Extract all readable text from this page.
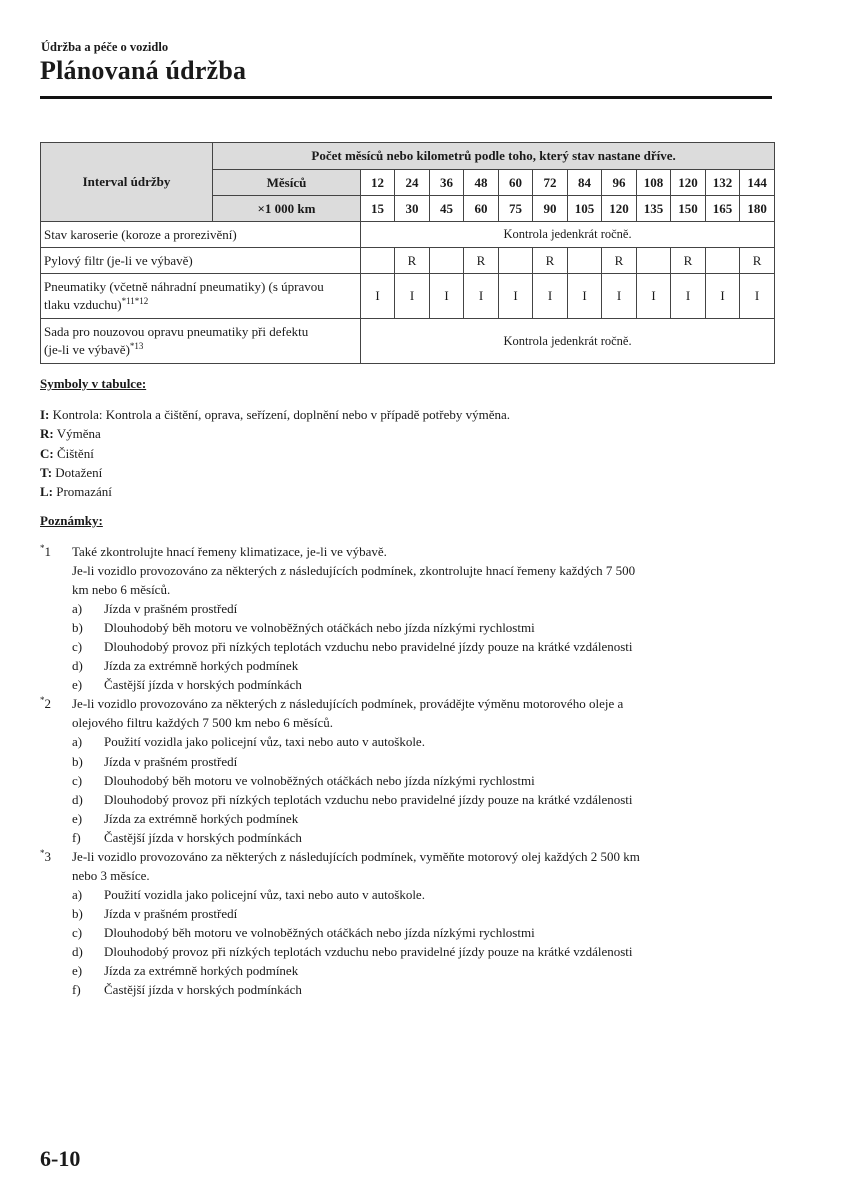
Údržba a péče o vozidlo
Plánovaná údržba
Interval údržby	Počet měsíců nebo kilometrů podle toho, který stav nastane dříve.												
	Měsíců	12	24	36	48	60	72	84	96	108	120	132	144
	×1 000 km	15	30	45	60	75	90	105	120	135	150	165	180
Stav karoserie (koroze a prorezivění)		Kontrola jedenkrát ročně.											
Pylový filtr (je-li ve výbavě)			R		R		R		R		R		R
Pneumatiky (včetně náhradní pneumatiky) (s úpravou
tlaku vzduchu)$^{*11*12}$		I	I	I	I	I	I	I	I	I	I	I	I
Sada pro nouzovou opravu pneumatiky při defektu
(je-li ve výbavě)$^{*13}$		Kontrola jedenkrát ročně.											
Symboly v tabulce:
I: Kontrola: Kontrola a čištění, oprava, seřízení, doplnění nebo v případě potřeby výměna.
R: Výměna
C: Čištění
T: Dotažení
L: Promazání
Poznámky:
*1 Také zkontrolujte hnací řemeny klimatizace, je-li ve výbavě.
Je-li vozidlo provozováno za některých z následujících podmínek, zkontrolujte hnací řemeny každých 7 500
km nebo 6 měsíců.
a) Jízda v prašném prostředí
b) Dlouhodobý běh motoru ve volnoběžných otáčkách nebo jízda nízkými rychlostmi
c) Dlouhodobý provoz při nízkých teplotách vzduchu nebo pravidelné jízdy pouze na krátké vzdálenosti
d) Jízda za extrémně horkých podmínek
e) Častější jízda v horských podmínkách
*2 Je-li vozidlo provozováno za některých z následujících podmínek, provádějte výměnu motorového oleje a
olejového filtru každých 7 500 km nebo 6 měsíců.
a) Použití vozidla jako policejní vůz, taxi nebo auto v autoškole.
b) Jízda v prašném prostředí
c) Dlouhodobý běh motoru ve volnoběžných otáčkách nebo jízda nízkými rychlostmi
d) Dlouhodobý provoz při nízkých teplotách vzduchu nebo pravidelné jízdy pouze na krátké vzdálenosti
e) Jízda za extrémně horkých podmínek
f) Častější jízda v horských podmínkách
*3 Je-li vozidlo provozováno za některých z následujících podmínek, vyměňte motorový olej každých 2 500 km
nebo 3 měsíce.
a) Použití vozidla jako policejní vůz, taxi nebo auto v autoškole.
b) Jízda v prašném prostředí
c) Dlouhodobý běh motoru ve volnoběžných otáčkách nebo jízda nízkými rychlostmi
d) Dlouhodobý provoz při nízkých teplotách vzduchu nebo pravidelné jízdy pouze na krátké vzdálenosti
e) Jízda za extrémně horkých podmínek
f) Častější jízda v horských podmínkách
6-10
